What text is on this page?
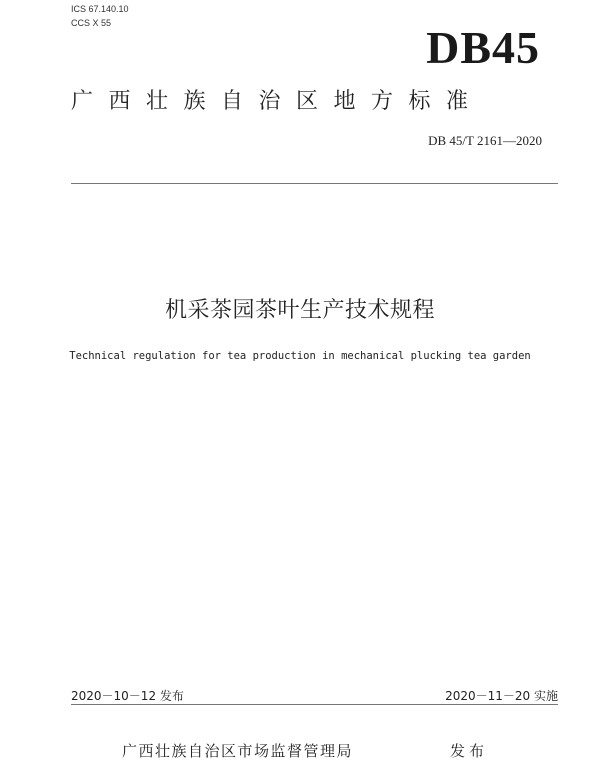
ICS 67.140.10
CCS X 55	DB45
广西壮族自治区地方标准
DB 45/T 2161—2020
机采茶园茶叶生产技术规程
Technical regulation for tea production in mechanical plucking tea garden
2020－10－12 发布	2020－11－20 实施
广西壮族自治区市场监督管理局	发布
